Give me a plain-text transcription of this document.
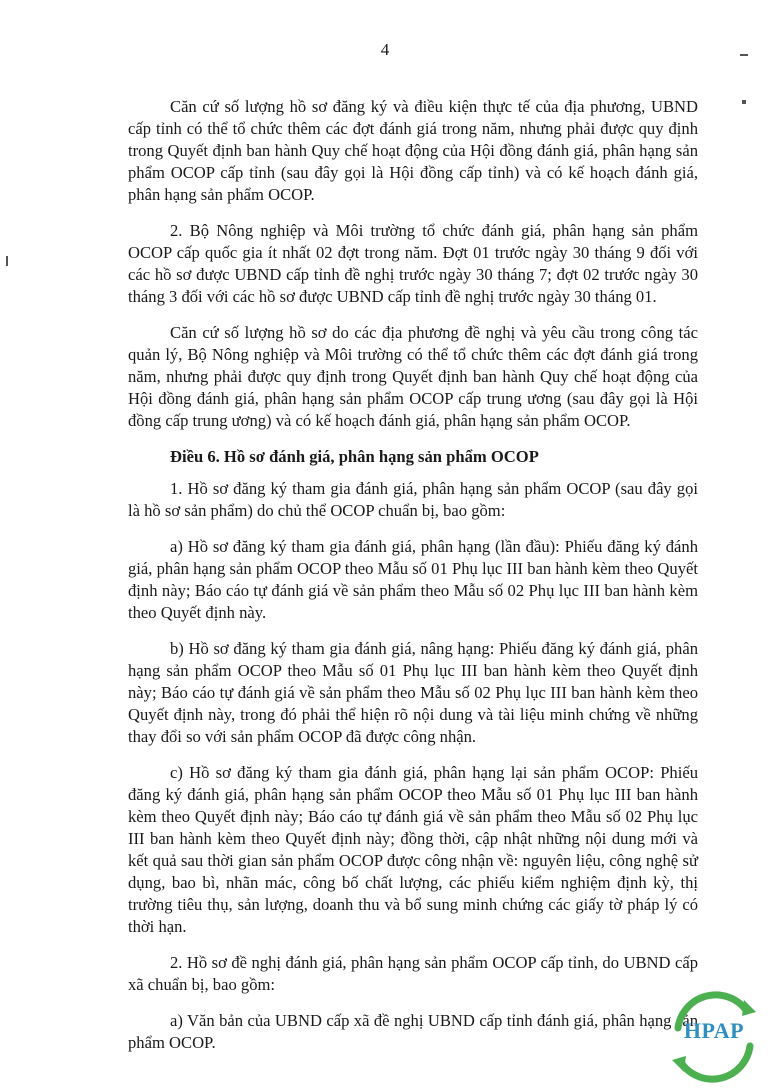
4

Căn cứ số lượng hồ sơ đăng ký và điều kiện thực tế của địa phương, UBND cấp tỉnh có thể tổ chức thêm các đợt đánh giá trong năm, nhưng phải được quy định trong Quyết định ban hành Quy chế hoạt động của Hội đồng đánh giá, phân hạng sản phẩm OCOP cấp tỉnh (sau đây gọi là Hội đồng cấp tỉnh) và có kế hoạch đánh giá, phân hạng sản phẩm OCOP.

2. Bộ Nông nghiệp và Môi trường tổ chức đánh giá, phân hạng sản phẩm OCOP cấp quốc gia ít nhất 02 đợt trong năm. Đợt 01 trước ngày 30 tháng 9 đối với các hồ sơ được UBND cấp tỉnh đề nghị trước ngày 30 tháng 7; đợt 02 trước ngày 30 tháng 3 đối với các hồ sơ được UBND cấp tỉnh đề nghị trước ngày 30 tháng 01.

Căn cứ số lượng hồ sơ do các địa phương đề nghị và yêu cầu trong công tác quản lý, Bộ Nông nghiệp và Môi trường có thể tổ chức thêm các đợt đánh giá trong năm, nhưng phải được quy định trong Quyết định ban hành Quy chế hoạt động của Hội đồng đánh giá, phân hạng sản phẩm OCOP cấp trung ương (sau đây gọi là Hội đồng cấp trung ương) và có kế hoạch đánh giá, phân hạng sản phẩm OCOP.

Điều 6. Hồ sơ đánh giá, phân hạng sản phẩm OCOP

1. Hồ sơ đăng ký tham gia đánh giá, phân hạng sản phẩm OCOP (sau đây gọi là hồ sơ sản phẩm) do chủ thể OCOP chuẩn bị, bao gồm:

a) Hồ sơ đăng ký tham gia đánh giá, phân hạng (lần đầu): Phiếu đăng ký đánh giá, phân hạng sản phẩm OCOP theo Mẫu số 01 Phụ lục III ban hành kèm theo Quyết định này; Báo cáo tự đánh giá về sản phẩm theo Mẫu số 02 Phụ lục III ban hành kèm theo Quyết định này.

b) Hồ sơ đăng ký tham gia đánh giá, nâng hạng: Phiếu đăng ký đánh giá, phân hạng sản phẩm OCOP theo Mẫu số 01 Phụ lục III ban hành kèm theo Quyết định này; Báo cáo tự đánh giá về sản phẩm theo Mẫu số 02 Phụ lục III ban hành kèm theo Quyết định này, trong đó phải thể hiện rõ nội dung và tài liệu minh chứng về những thay đổi so với sản phẩm OCOP đã được công nhận.

c) Hồ sơ đăng ký tham gia đánh giá, phân hạng lại sản phẩm OCOP: Phiếu đăng ký đánh giá, phân hạng sản phẩm OCOP theo Mẫu số 01 Phụ lục III ban hành kèm theo Quyết định này; Báo cáo tự đánh giá về sản phẩm theo Mẫu số 02 Phụ lục III ban hành kèm theo Quyết định này; đồng thời, cập nhật những nội dung mới và kết quả sau thời gian sản phẩm OCOP được công nhận về: nguyên liệu, công nghệ sử dụng, bao bì, nhãn mác, công bố chất lượng, các phiếu kiểm nghiệm định kỳ, thị trường tiêu thụ, sản lượng, doanh thu và bổ sung minh chứng các giấy tờ pháp lý có thời hạn.

2. Hồ sơ đề nghị đánh giá, phân hạng sản phẩm OCOP cấp tỉnh, do UBND cấp xã chuẩn bị, bao gồm:

a) Văn bản của UBND cấp xã đề nghị UBND cấp tỉnh đánh giá, phân hạng sản phẩm OCOP.	HPAP
